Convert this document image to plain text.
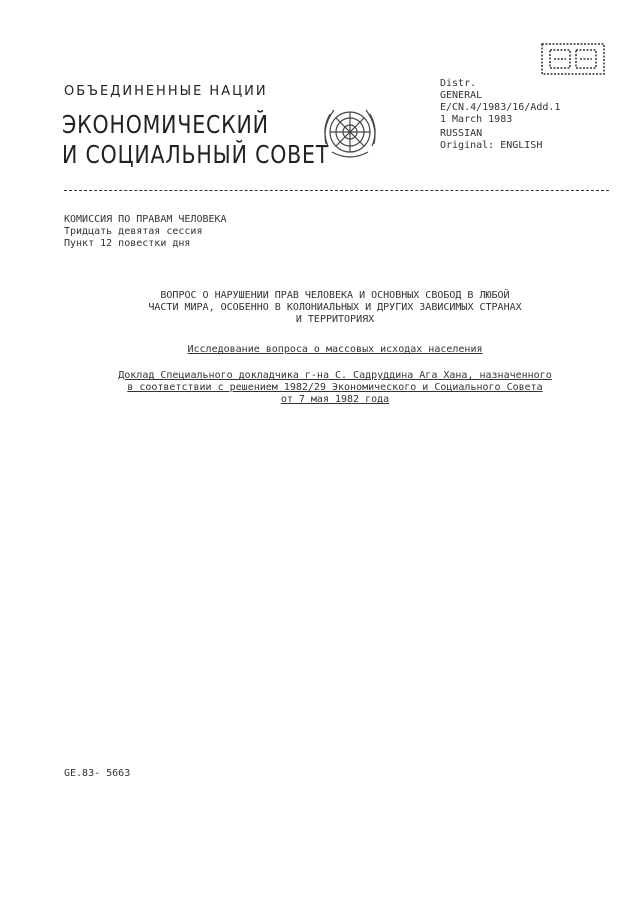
ОБЪЕДИНЕННЫЕ НАЦИИ
ЭКОНОМИЧЕСКИЙ
И СОЦИАЛЬНЫЙ СОВЕТ
Distr.
GENERAL
E/CN.4/1983/16/Add.1
1 March 1983
RUSSIAN
Original: ENGLISH
КОМИССИЯ ПО ПРАВАМ ЧЕЛОВЕКА
Тридцать девятая сессия
Пункт 12 повестки дня
ВОПРОС О НАРУШЕНИИ ПРАВ ЧЕЛОВЕКА И ОСНОВНЫХ СВОБОД В ЛЮБОЙ
ЧАСТИ МИРА, ОСОБЕННО В КОЛОНИАЛЬНЫХ И ДРУГИХ ЗАВИСИМЫХ СТРАНАХ
И ТЕРРИТОРИЯХ
Исследование вопроса о массовых исходах населения
Доклад Специального докладчика г-на С. Садруддина Ага Хана, назначенного
в соответствии с решением 1982/29 Экономического и Социального Совета
от 7 мая 1982 года
GE.83- 5663
